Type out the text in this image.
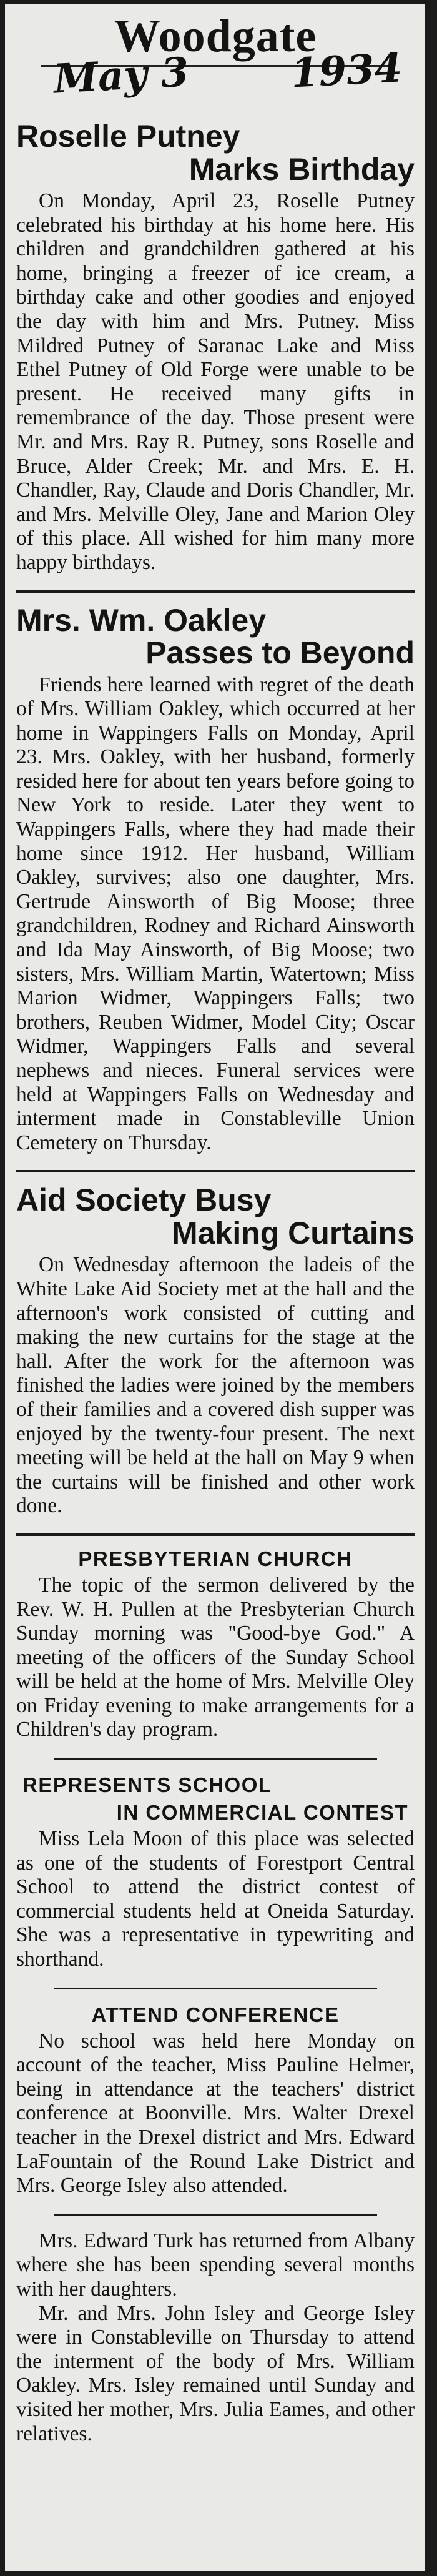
Woodgate
May 3 1934
Roselle Putney
Marks Birthday

On Monday, April 23, Roselle Putney celebrated his birthday at his home here. His children and grandchildren gathered at his home, bringing a freezer of ice cream, a birthday cake and other goodies and enjoyed the day with him and Mrs. Putney. Miss Mildred Putney of Saranac Lake and Miss Ethel Putney of Old Forge were unable to be present. He received many gifts in remembrance of the day. Those present were Mr. and Mrs. Ray R. Putney, sons Roselle and Bruce, Alder Creek; Mr. and Mrs. E. H. Chandler, Ray, Claude and Doris Chandler, Mr. and Mrs. Melville Oley, Jane and Marion Oley of this place. All wished for him many more happy birthdays.

Mrs. Wm. Oakley
Passes to Beyond

Friends here learned with regret of the death of Mrs. William Oakley, which occurred at her home in Wappingers Falls on Monday, April 23. Mrs. Oakley, with her husband, formerly resided here for about ten years before going to New York to reside. Later they went to Wappingers Falls, where they had made their home since 1912. Her husband, William Oakley, survives; also one daughter, Mrs. Gertrude Ainsworth of Big Moose; three grandchildren, Rodney and Richard Ainsworth and Ida May Ainsworth, of Big Moose; two sisters, Mrs. William Martin, Watertown; Miss Marion Widmer, Wappingers Falls; two brothers, Reuben Widmer, Model City; Oscar Widmer, Wappingers Falls and several nephews and nieces. Funeral services were held at Wappingers Falls on Wednesday and interment made in Constableville Union Cemetery on Thursday.

Aid Society Busy
Making Curtains

On Wednesday afternoon the ladeis of the White Lake Aid Society met at the hall and the afternoon's work consisted of cutting and making the new curtains for the stage at the hall. After the work for the afternoon was finished the ladies were joined by the members of their families and a covered dish supper was enjoyed by the twenty-four present. The next meeting will be held at the hall on May 9 when the curtains will be finished and other work done.

PRESBYTERIAN CHURCH

The topic of the sermon delivered by the Rev. W. H. Pullen at the Presbyterian Church Sunday morning was "Good-bye God." A meeting of the officers of the Sunday School will be held at the home of Mrs. Melville Oley on Friday evening to make arrangements for a Children's day program.

REPRESENTS SCHOOL
IN COMMERCIAL CONTEST

Miss Lela Moon of this place was selected as one of the students of Forestport Central School to attend the district contest of commercial students held at Oneida Saturday. She was a representative in typewriting and shorthand.

ATTEND CONFERENCE

No school was held here Monday on account of the teacher, Miss Pauline Helmer, being in attendance at the teachers' district conference at Boonville. Mrs. Walter Drexel teacher in the Drexel district and Mrs. Edward LaFountain of the Round Lake District and Mrs. George Isley also attended.

Mrs. Edward Turk has returned from Albany where she has been spending several months with her daughters.

Mr. and Mrs. John Isley and George Isley were in Constableville on Thursday to attend the interment of the body of Mrs. William Oakley. Mrs. Isley remained until Sunday and visited her mother, Mrs. Julia Eames, and other relatives.
